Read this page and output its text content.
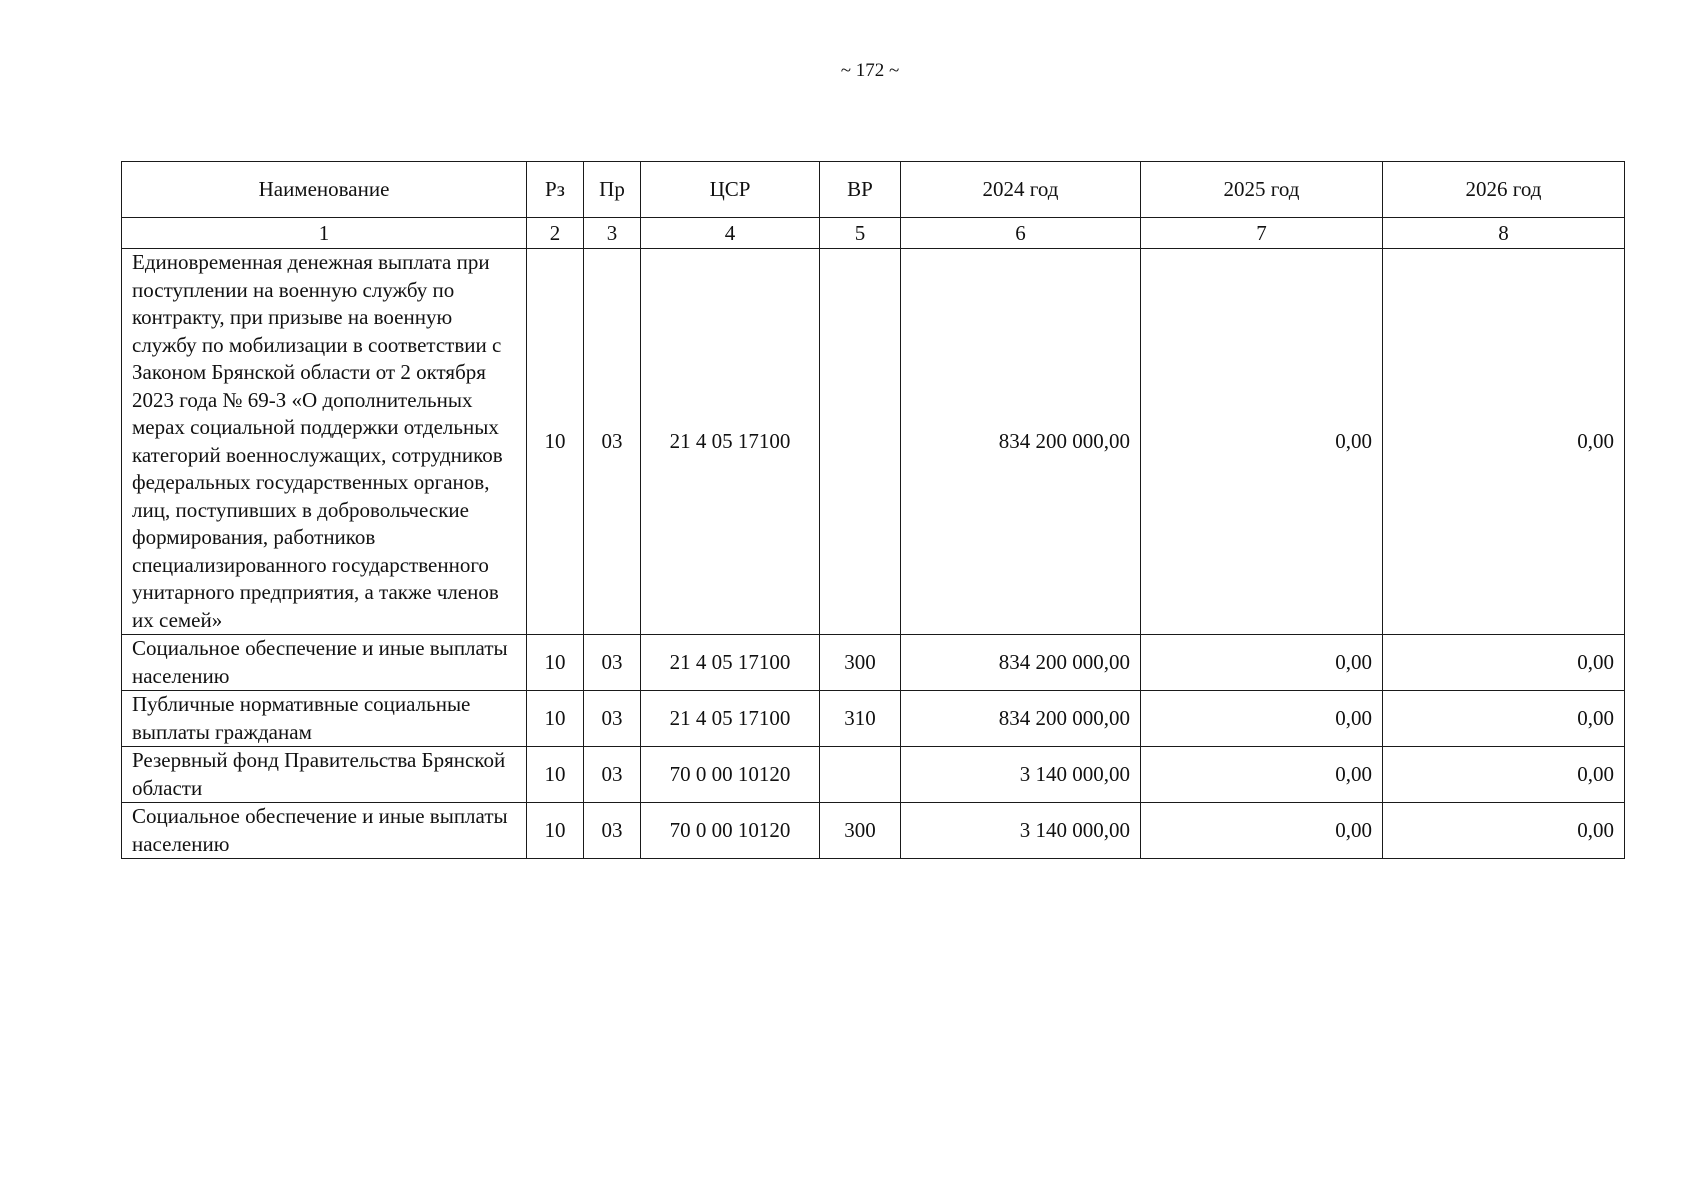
~ 172 ~
Наименование	Рз	Пр	ЦСР	ВР	2024 год	2025 год	2026 год
1	2	3	4	5	6	7	8
Единовременная денежная выплата при поступлении на военную службу по контракту, при призыве на военную службу по мобилизации в соответствии с Законом Брянской области от 2 октября 2023 года № 69-З «О дополнительных мерах социальной поддержки отдельных категорий военнослужащих, сотрудников федеральных государственных органов, лиц, поступивших в добровольческие формирования, работников специализированного государственного унитарного предприятия, а также членов их семей»	10	03	21 4 05 17100		834 200 000,00	0,00	0,00
Социальное обеспечение и иные выплаты населению	10	03	21 4 05 17100	300	834 200 000,00	0,00	0,00
Публичные нормативные социальные выплаты гражданам	10	03	21 4 05 17100	310	834 200 000,00	0,00	0,00
Резервный фонд Правительства Брянской области	10	03	70 0 00 10120		3 140 000,00	0,00	0,00
Социальное обеспечение и иные выплаты населению	10	03	70 0 00 10120	300	3 140 000,00	0,00	0,00
